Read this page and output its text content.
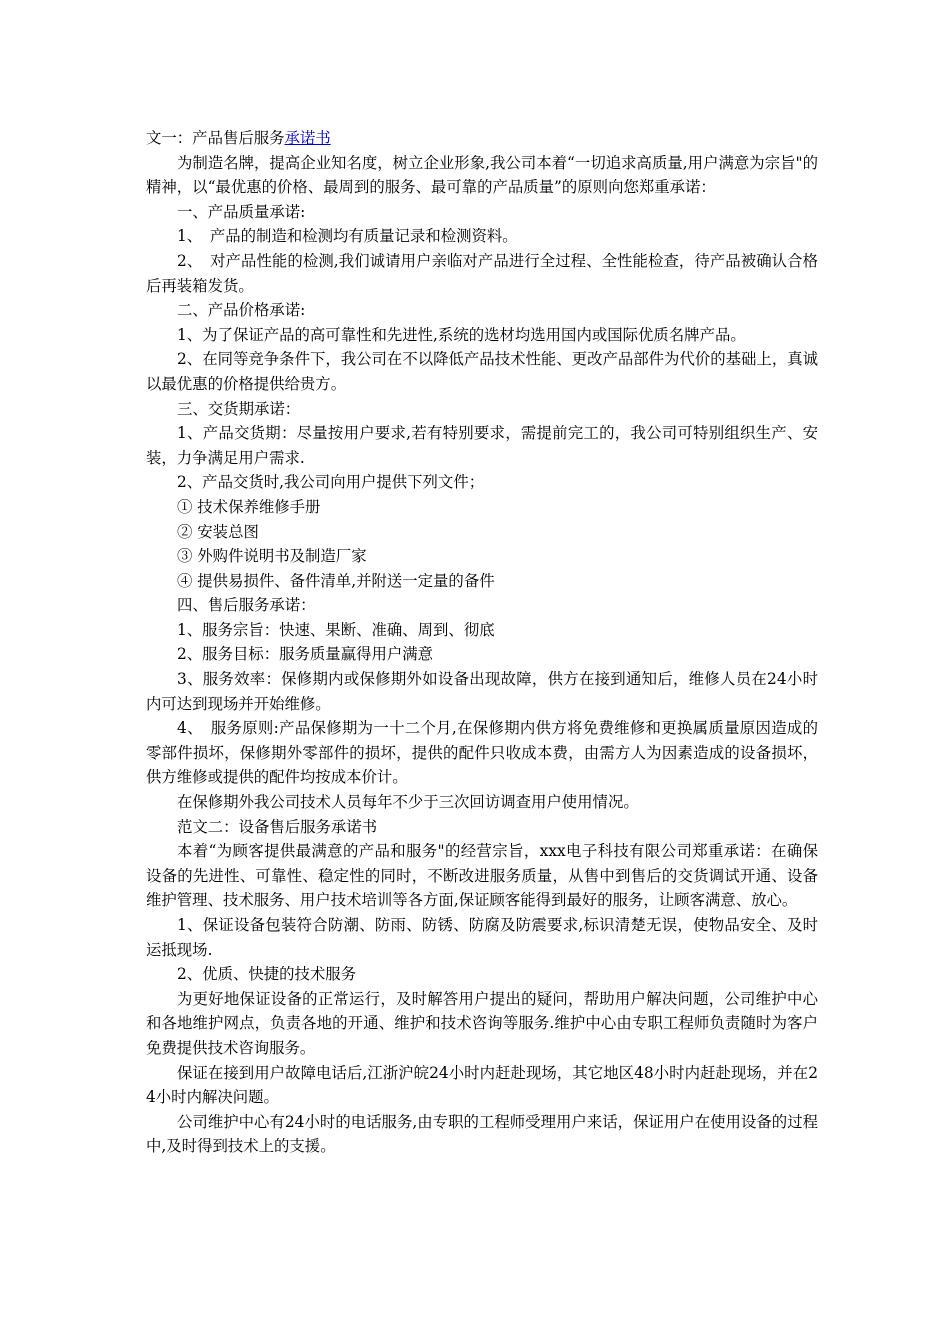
文一：产品售后服务承诺书

为制造名牌，提高企业知名度，树立企业形象,我公司本着“一切追求高质量,用户满意为宗旨"的精神，以“最优惠的价格、最周到的服务、最可靠的产品质量”的原则向您郑重承诺：

一、产品质量承诺:

1、　产品的制造和检测均有质量记录和检测资料。

2、　对产品性能的检测,我们诚请用户亲临对产品进行全过程、全性能检查，待产品被确认合格后再装箱发货。

二、产品价格承诺:

1、为了保证产品的高可靠性和先进性,系统的选材均选用国内或国际优质名牌产品。

2、在同等竞争条件下，我公司在不以降低产品技术性能、更改产品部件为代价的基础上，真诚以最优惠的价格提供给贵方。

三、交货期承诺：

1、产品交货期：尽量按用户要求,若有特别要求，需提前完工的，我公司可特别组织生产、安装，力争满足用户需求.

2、产品交货时,我公司向用户提供下列文件；

① 技术保养维修手册

② 安装总图

③ 外购件说明书及制造厂家

④ 提供易损件、备件清单,并附送一定量的备件

四、售后服务承诺：

1、服务宗旨：快速、果断、准确、周到、彻底

2、服务目标：服务质量赢得用户满意

3、服务效率：保修期内或保修期外如设备出现故障，供方在接到通知后，维修人员在24小时内可达到现场并开始维修。

4、　服务原则:产品保修期为一十二个月,在保修期内供方将免费维修和更换属质量原因造成的零部件损坏，保修期外零部件的损坏，提供的配件只收成本费，由需方人为因素造成的设备损坏，供方维修或提供的配件均按成本价计。

在保修期外我公司技术人员每年不少于三次回访调查用户使用情况。

范文二：设备售后服务承诺书

本着“为顾客提供最满意的产品和服务"的经营宗旨，xxx电子科技有限公司郑重承诺：在确保设备的先进性、可靠性、稳定性的同时，不断改进服务质量，从售中到售后的交货调试开通、设备维护管理、技术服务、用户技术培训等各方面,保证顾客能得到最好的服务，让顾客满意、放心。

1、保证设备包装符合防潮、防雨、防锈、防腐及防震要求,标识清楚无误，使物品安全、及时运抵现场.

2、优质、快捷的技术服务

为更好地保证设备的正常运行，及时解答用户提出的疑问，帮助用户解决问题，公司维护中心和各地维护网点，负责各地的开通、维护和技术咨询等服务.维护中心由专职工程师负责随时为客户免费提供技术咨询服务。

保证在接到用户故障电话后,江浙沪皖24小时内赶赴现场，其它地区48小时内赶赴现场，并在24小时内解决问题。

公司维护中心有24小时的电话服务,由专职的工程师受理用户来话，保证用户在使用设备的过程中,及时得到技术上的支援。
